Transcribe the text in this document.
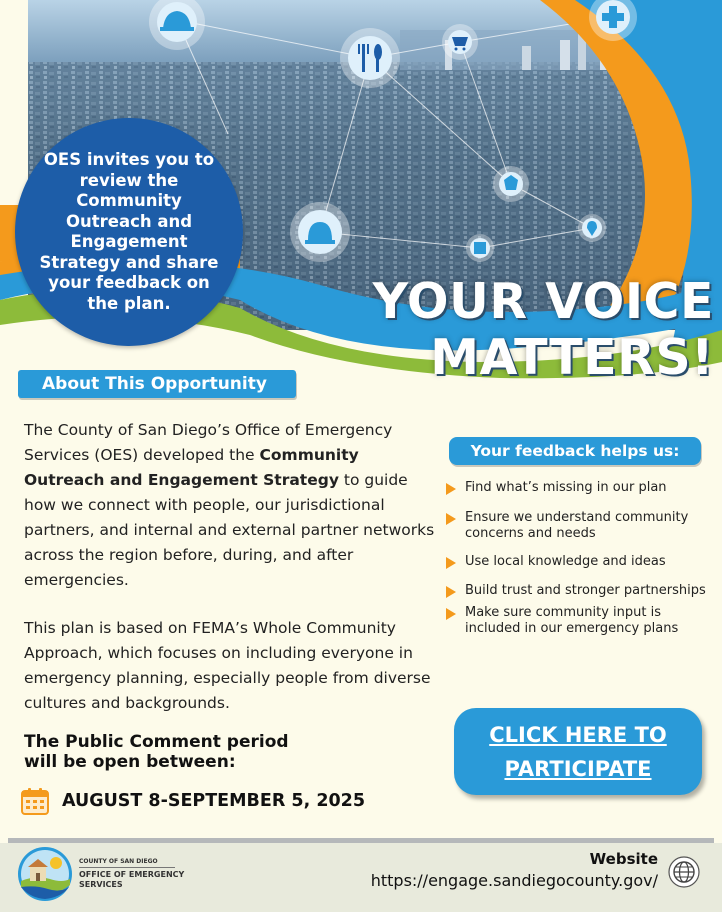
OES invites you to review the Community Outreach and Engagement Strategy and share your feedback on the plan.	YOUR VOICE
MATTERS!
About This Opportunity

The County of San Diego’s Office of Emergency Services (OES) developed the Community Outreach and Engagement Strategy to guide how we connect with people, our jurisdictional partners, and internal and external partner networks across the region before, during, and after emergencies.

This plan is based on FEMA’s Whole Community Approach, which focuses on including everyone in emergency planning, especially people from diverse cultures and backgrounds.

The Public Comment period
will be open between:
AUGUST 8-SEPTEMBER 5, 2025
Your feedback helps us:
Find what’s missing in our plan
Ensure we understand community concerns and needs
Use local knowledge and ideas
Build trust and stronger partnerships
Make sure community input is included in our emergency plans
CLICK HERE TO
PARTICIPATE
COUNTY OF SAN DIEGO
OFFICE OF EMERGENCY
SERVICES
Website
https://engage.sandiegocounty.gov/
